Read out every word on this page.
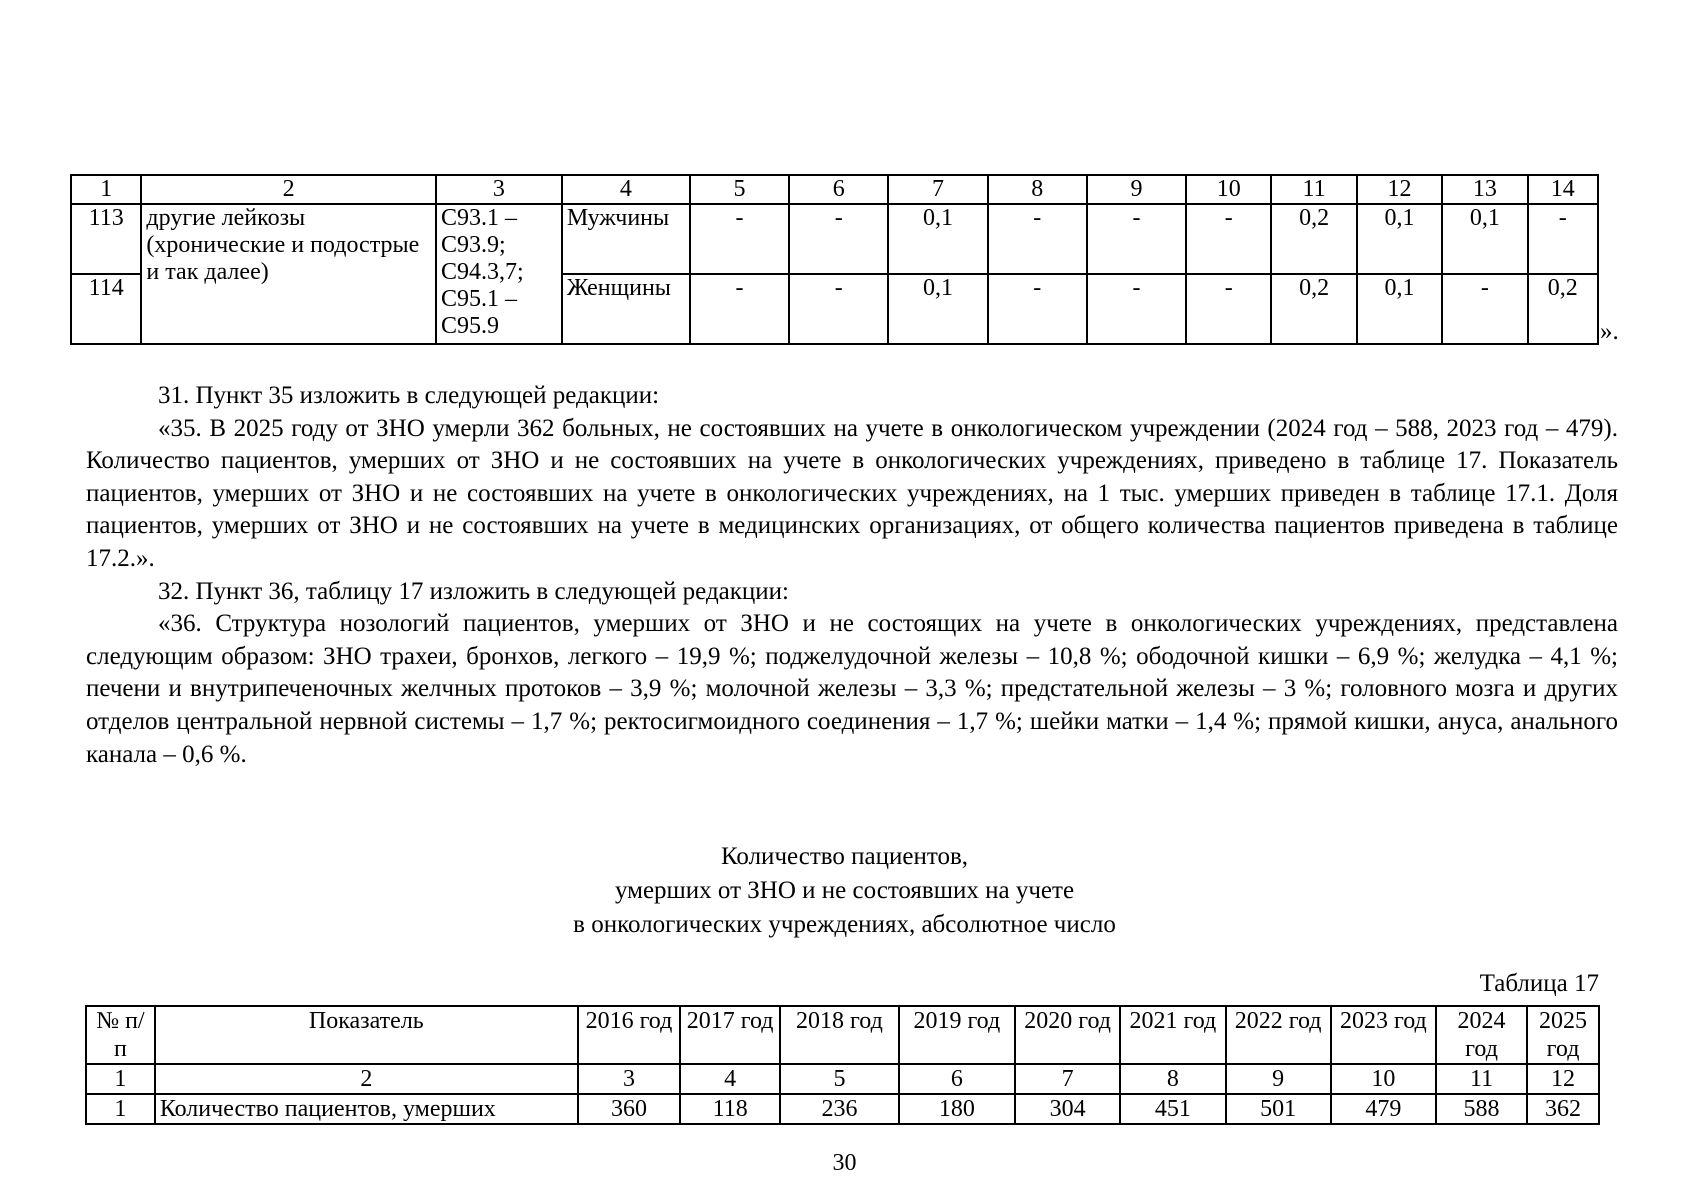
1	2	3	4	5	6	7	8	9	10	11	12	13	14
113	другие лейкозы (хронические и подострые и так далее)	С93.1 – С93.9; С94.3,7; С95.1 – С95.9	Мужчины	-	-	0,1	-	-	-	0,2	0,1	0,1	-
114			Женщины	-	-	0,1	-	-	-	0,2	0,1	-	0,2
».

31. Пункт 35 изложить в следующей редакции:

«35. В 2025 году от ЗНО умерли 362 больных, не состоявших на учете в онкологическом учреждении (2024 год – 588, 2023 год – 479). Количество пациентов, умерших от ЗНО и не состоявших на учете в онкологических учреждениях, приведено в таблице 17. Показатель пациентов, умерших от ЗНО и не состоявших на учете в онкологических учреждениях, на 1 тыс. умерших приведен в таблице 17.1. Доля пациентов, умерших от ЗНО и не состоявших на учете в медицинских организациях, от общего количества пациентов приведена в таблице 17.2.».

32. Пункт 36, таблицу 17 изложить в следующей редакции:

«36. Структура нозологий пациентов, умерших от ЗНО и не состоящих на учете в онкологических учреждениях, представлена следующим образом: ЗНО трахеи, бронхов, легкого – 19,9 %; поджелудочной железы – 10,8 %; ободочной кишки – 6,9 %; желудка – 4,1 %; печени и внутрипеченочных желчных протоков – 3,9 %; молочной железы – 3,3 %; предстательной железы – 3 %; головного мозга и других отделов центральной нервной системы – 1,7 %; ректосигмоидного соединения – 1,7 %; шейки матки – 1,4 %; прямой кишки, ануса, анального канала – 0,6 %.

Количество пациентов,
умерших от ЗНО и не состоявших на учете
в онкологических учреждениях, абсолютное число
Таблица 17
№ п/п	Показатель	2016 год	2017 год	2018 год	2019 год	2020 год	2021 год	2022 год	2023 год	2024 год	2025 год
1	2	3	4	5	6	7	8	9	10	11	12
1	Количество пациентов, умерших	360	118	236	180	304	451	501	479	588	362
30
